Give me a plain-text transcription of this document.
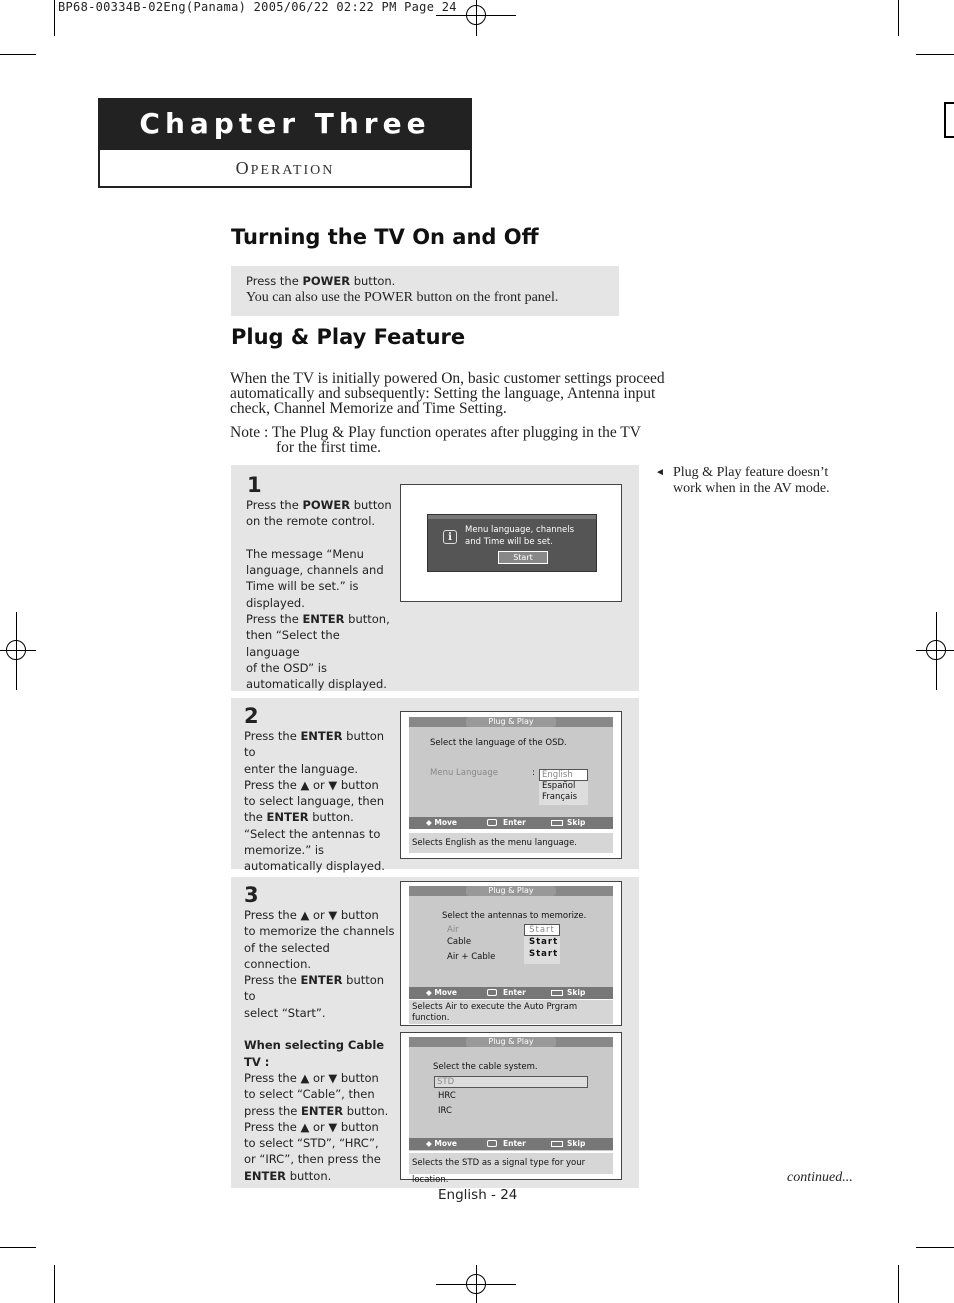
BP68-00334B-02Eng(Panama) 2005/06/22 02:22 PM Page 24
Chapter Three
OPERATION
Turning the TV On and Off
Press the POWER button.
You can also use the POWER button on the front panel.
Plug & Play Feature
When the TV is initially powered On, basic customer settings proceed
automatically and subsequently: Setting the language, Antenna input
check, Channel Memorize and Time Setting.
Note : The Plug & Play function operates after plugging in the TV
for the first time.
◄ Plug & Play feature doesn’t
work when in the AV mode.
1
Press the POWER button
on the remote control.
The message “Menu
language, channels and
Time will be set.” is
displayed.
Press the ENTER button,
then “Select the language
of the OSD” is
automatically displayed.
i
Menu language, channels
and Time will be set.
Start
2
Press the ENTER button to
enter the language.
Press the ▲ or ▼ button
to select language, then
the ENTER button.
“Select the antennas to
memorize.” is
automatically displayed.
Plug & Play
Select the language of the OSD.
Menu Language	: English
Español
Français
◆ Move	Enter	Skip
Selects English as the menu language.
3
Press the ▲ or ▼ button
to memorize the channels
of the selected
connection.
Press the ENTER button to
select “Start”.
When selecting Cable TV :
Press the ▲ or ▼ button
to select “Cable”, then
press the ENTER button.
Press the ▲ or ▼ button
to select “STD”, “HRC”,
or “IRC”, then press the
ENTER button.
Plug & Play
Select the antennas to memorize.
Air
Cable
Air + Cable
Start
Start
Start
◆ Move	Enter	Skip
Selects Air to execute the Auto Prgram
function.
Plug & Play
Select the cable system.
STD
HRC
IRC
◆ Move	Enter	Skip
Selects the STD as a signal type for your location.	continued...
English - 24
